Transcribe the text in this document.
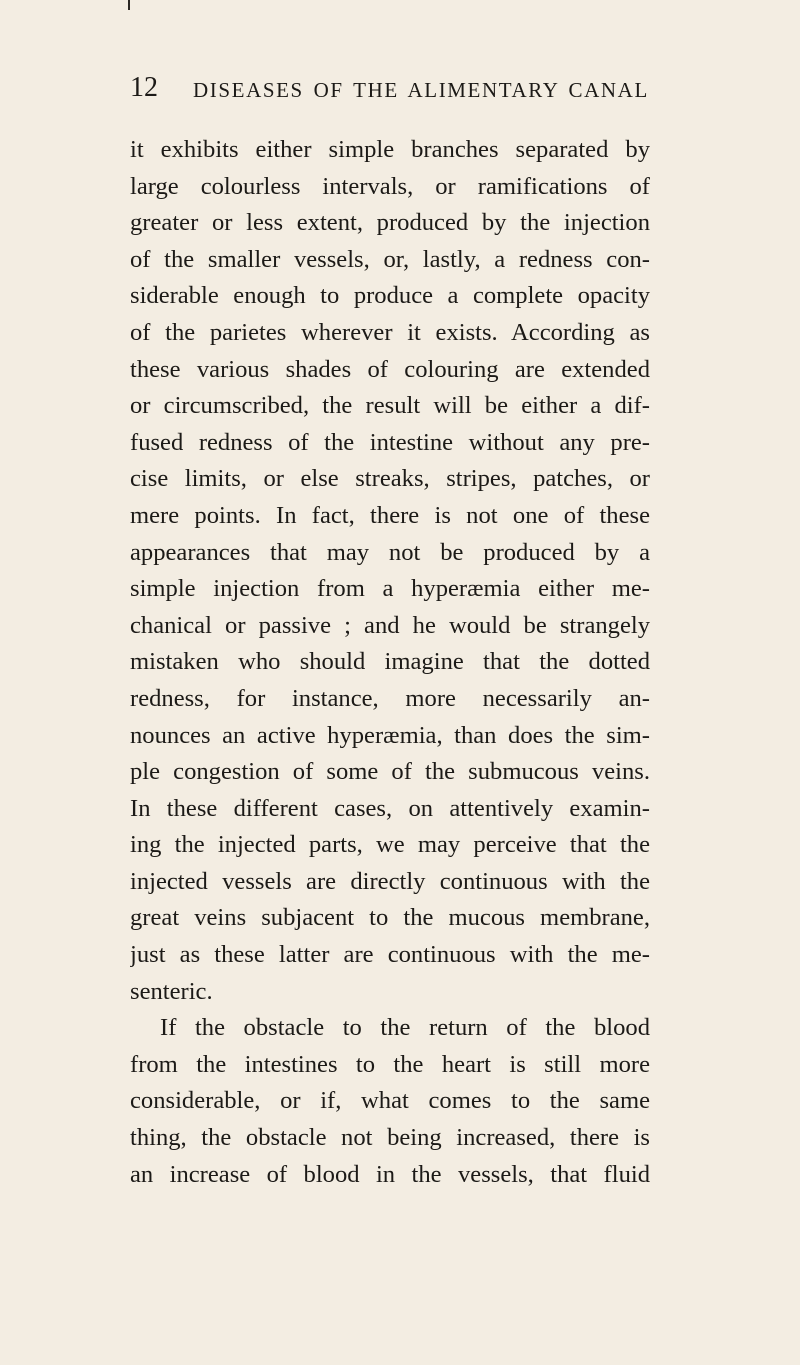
12 DISEASES OF THE ALIMENTARY CANAL
it exhibits either simple branches separated by
large colourless intervals, or ramifications of
greater or less extent, produced by the injection
of the smaller vessels, or, lastly, a redness con-
siderable enough to produce a complete opacity
of the parietes wherever it exists. According as
these various shades of colouring are extended
or circumscribed, the result will be either a dif-
fused redness of the intestine without any pre-
cise limits, or else streaks, stripes, patches, or
mere points. In fact, there is not one of these
appearances that may not be produced by a
simple injection from a hyperæmia either me-
chanical or passive ; and he would be strangely
mistaken who should imagine that the dotted
redness, for instance, more necessarily an-
nounces an active hyperæmia, than does the sim-
ple congestion of some of the submucous veins.
In these different cases, on attentively examin-
ing the injected parts, we may perceive that the
injected vessels are directly continuous with the
great veins subjacent to the mucous membrane,
just as these latter are continuous with the me-
senteric.
If the obstacle to the return of the blood
from the intestines to the heart is still more
considerable, or if, what comes to the same
thing, the obstacle not being increased, there is
an increase of blood in the vessels, that fluid
